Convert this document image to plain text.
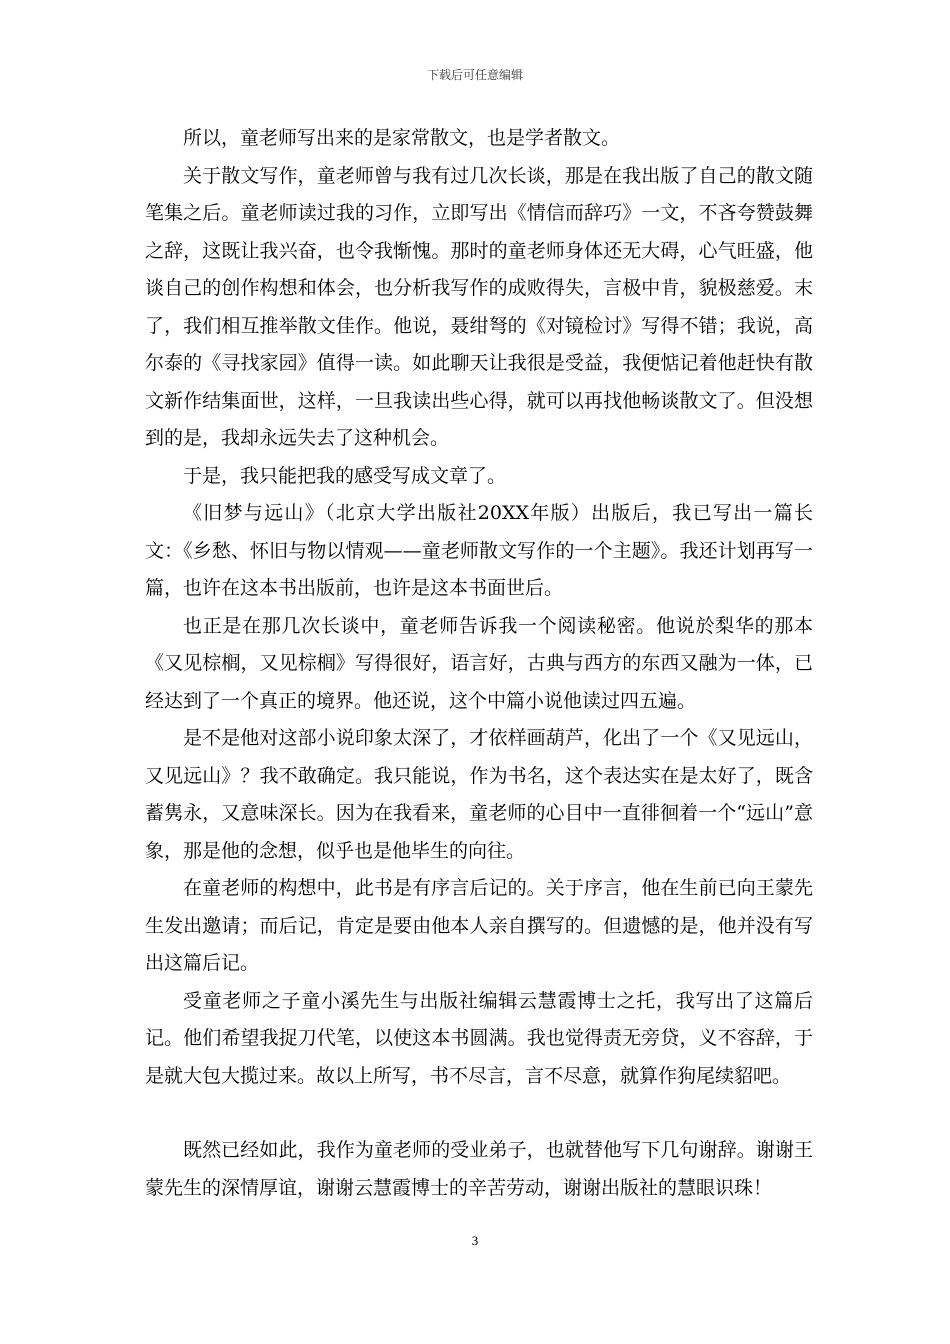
下载后可任意编辑

所以，童老师写出来的是家常散文，也是学者散文。

关于散文写作，童老师曾与我有过几次长谈，那是在我出版了自己的散文随笔集之后。童老师读过我的习作，立即写出《情信而辞巧》一文，不吝夸赞鼓舞之辞，这既让我兴奋，也令我惭愧。那时的童老师身体还无大碍，心气旺盛，他谈自己的创作构想和体会，也分析我写作的成败得失，言极中肯，貌极慈爱。末了，我们相互推举散文佳作。他说，聂绀弩的《对镜检讨》写得不错；我说，高尔泰的《寻找家园》值得一读。如此聊天让我很是受益，我便惦记着他赶快有散文新作结集面世，这样，一旦我读出些心得，就可以再找他畅谈散文了。但没想到的是，我却永远失去了这种机会。

于是，我只能把我的感受写成文章了。

《旧梦与远山》（北京大学出版社20XX年版）出版后，我已写出一篇长文：《乡愁、怀旧与物以情观——童老师散文写作的一个主题》。我还计划再写一篇，也许在这本书出版前，也许是这本书面世后。

也正是在那几次长谈中，童老师告诉我一个阅读秘密。他说於梨华的那本《又见棕榈，又见棕榈》写得很好，语言好，古典与西方的东西又融为一体，已经达到了一个真正的境界。他还说，这个中篇小说他读过四五遍。

是不是他对这部小说印象太深了，才依样画葫芦，化出了一个《又见远山，又见远山》？我不敢确定。我只能说，作为书名，这个表达实在是太好了，既含蓄隽永，又意味深长。因为在我看来，童老师的心目中一直徘徊着一个“远山”意象，那是他的念想，似乎也是他毕生的向往。

在童老师的构想中，此书是有序言后记的。关于序言，他在生前已向王蒙先生发出邀请；而后记，肯定是要由他本人亲自撰写的。但遗憾的是，他并没有写出这篇后记。

受童老师之子童小溪先生与出版社编辑云慧霞博士之托，我写出了这篇后记。他们希望我捉刀代笔，以使这本书圆满。我也觉得责无旁贷，义不容辞，于是就大包大揽过来。故以上所写，书不尽言，言不尽意，就算作狗尾续貂吧。

既然已经如此，我作为童老师的受业弟子，也就替他写下几句谢辞。谢谢王蒙先生的深情厚谊，谢谢云慧霞博士的辛苦劳动，谢谢出版社的慧眼识珠！

3
